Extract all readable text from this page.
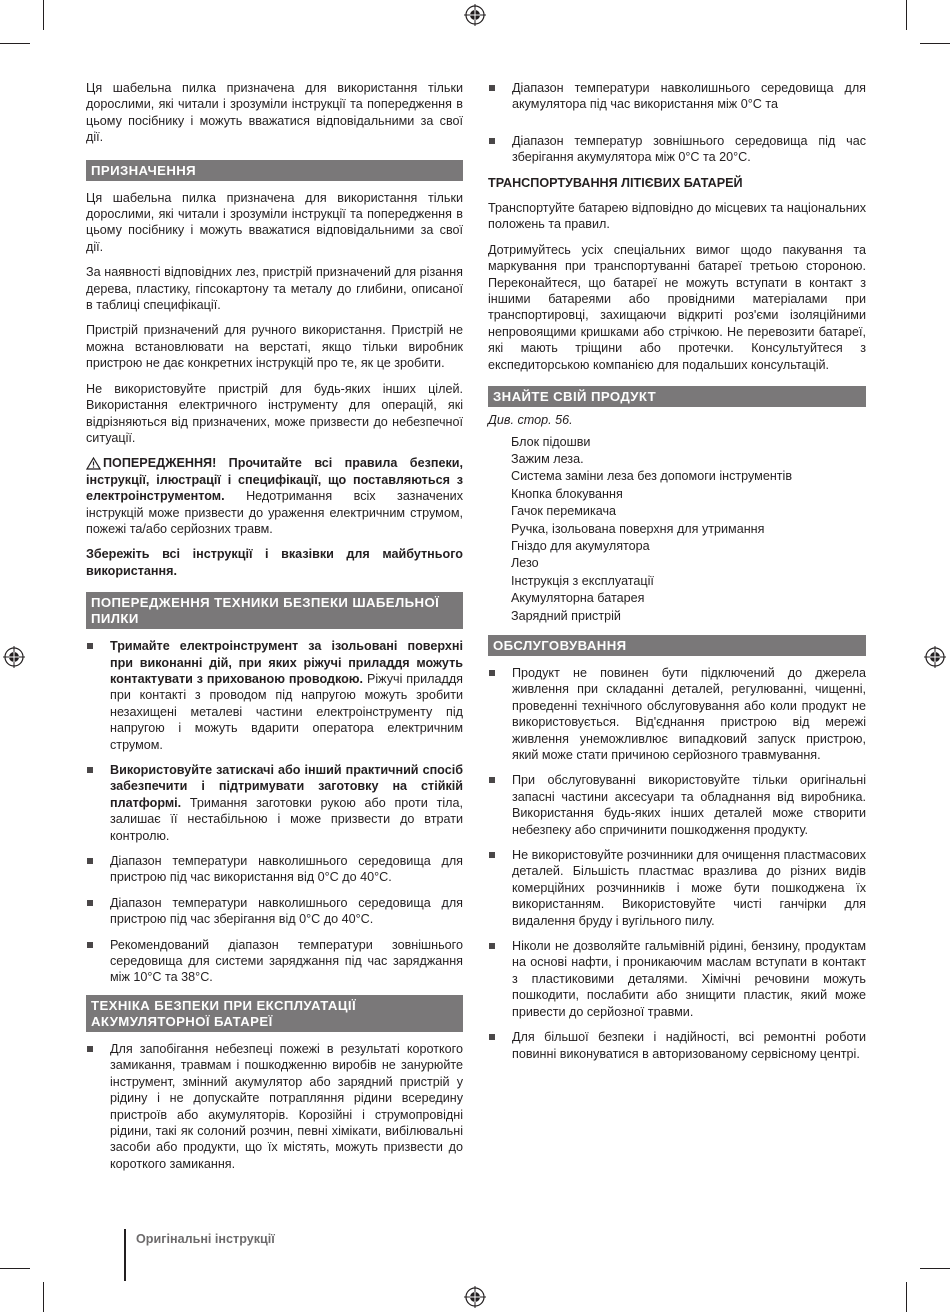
Ця шабельна пилка призначена для використання тільки дорослими, які читали і зрозуміли інструкції та попередження в цьому посібнику і можуть вважатися відповідальними за свої дії.

ПРИЗНАЧЕННЯ

Ця шабельна пилка призначена для використання тільки дорослими, які читали і зрозуміли інструкції та попередження в цьому посібнику і можуть вважатися відповідальними за свої дії.

За наявності відповідних лез, пристрій призначений для різання дерева, пластику, гіпсокартону та металу до глибини, описаної в таблиці специфікації.

Пристрій призначений для ручного використання. Пристрій не можна встановлювати на верстаті, якщо тільки виробник пристрою не дає конкретних інструкцій про те, як це зробити.

Не використовуйте пристрій для будь-яких інших цілей. Використання електричного інструменту для операцій, які відрізняються від призначених, може призвести до небезпечної ситуації.

ПОПЕРЕДЖЕННЯ! Прочитайте всі правила безпеки, інструкції, ілюстрації і специфікації, що поставляються з електроінструментом. Недотримання всіх зазначених інструкцій може призвести до ураження електричним струмом, пожежі та/або серйозних травм.

Збережіть всі інструкції і вказівки для майбутнього використання.

ПОПЕРЕДЖЕННЯ ТЕХНИКИ БЕЗПЕКИ ШАБЕЛЬНОЇ ПИЛКИ
Тримайте електроінструмент за ізольовані поверхні при виконанні дій, при яких ріжучі приладдя можуть контактувати з прихованою проводкою. Ріжучі приладдя при контакті з проводом під напругою можуть зробити незахищені металеві частини електроінструменту під напругою і можуть вдарити оператора електричним струмом.
Використовуйте затискачі або інший практичний спосіб забезпечити і підтримувати заготовку на стійкій платформі. Тримання заготовки рукою або проти тіла, залишає її нестабільною і може призвести до втрати контролю.
Діапазон температури навколишнього середовища для пристрою під час використання від 0°C до 40°C.
Діапазон температури навколишнього середовища для пристрою під час зберігання від 0°C до 40°C.
Рекомендований діапазон температури зовнішнього середовища для системи заряджання під час заряджання між 10°C та 38°C.
ТЕХНІКА БЕЗПЕКИ ПРИ ЕКСПЛУАТАЦІЇ АКУМУЛЯТОРНОЇ БАТАРЕЇ
Для запобігання небезпеці пожежі в результаті короткого замикання, травмам і пошкодженню виробів не занурюйте інструмент, змінний акумулятор або зарядний пристрій у рідину і не допускайте потрапляння рідини всередину пристроїв або акумуляторів. Корозійні і струмопровідні рідини, такі як солоний розчин, певні хімікати, вибілювальні засоби або продукти, що їх містять, можуть призвести до короткого замикання.
Діапазон температури навколишнього середовища для акумулятора під час використання між 0°C та
Діапазон температур зовнішнього середовища під час зберігання акумулятора між 0°C та 20°C.
ТРАНСПОРТУВАННЯ ЛІТІЄВИХ БАТАРЕЙ

Транспортуйте батарею відповідно до місцевих та національних положень та правил.

Дотримуйтесь усіх спеціальних вимог щодо пакування та маркування при транспортуванні батареї третьою стороною. Переконайтеся, що батареї не можуть вступати в контакт з іншими батареями або провідними матеріалами при транспортировці, захищаючи відкриті роз'єми ізоляційними непровоящими кришками або стрічкою. Не перевозити батареї, які мають тріщини або протечки. Консультуйтеся з експедиторською компанією для подальших консультацій.

ЗНАЙТЕ СВІЙ ПРОДУКТ

Див. стор. 56.

Блок підошви
Зажим леза.
Система заміни леза без допомоги інструментів
Кнопка блокування
Гачок перемикача
Ручка, ізольована поверхня для утримання
Гніздо для акумулятора
Лезо
Інструкція з експлуатації
Акумуляторна батарея
Зарядний пристрій
ОБСЛУГОВУВАННЯ
Продукт не повинен бути підключений до джерела живлення при складанні деталей, регулюванні, чищенні, проведенні технічного обслуговування або коли продукт не використовується. Від'єднання пристрою від мережі живлення унеможливлює випадковий запуск пристрою, який може стати причиною серйозного травмування.
При обслуговуванні використовуйте тільки оригінальні запасні частини аксесуари та обладнання від виробника. Використання будь-яких інших деталей може створити небезпеку або спричинити пошкодження продукту.
Не використовуйте розчинники для очищення пластмасових деталей. Більшість пластмас вразлива до різних видів комерційних розчинників і може бути пошкоджена їх використанням. Використовуйте чисті ганчірки для видалення бруду і вугільного пилу.
Ніколи не дозволяйте гальмівній рідині, бензину, продуктам на основі нафти, і проникаючим маслам вступати в контакт з пластиковими деталями. Хімічні речовини можуть пошкодити, послабити або знищити пластик, який може привести до серйозної травми.
Для більшої безпеки і надійності, всі ремонтні роботи повинні виконуватися в авторизованому сервісному центрі.
Оригінальні інструкції
